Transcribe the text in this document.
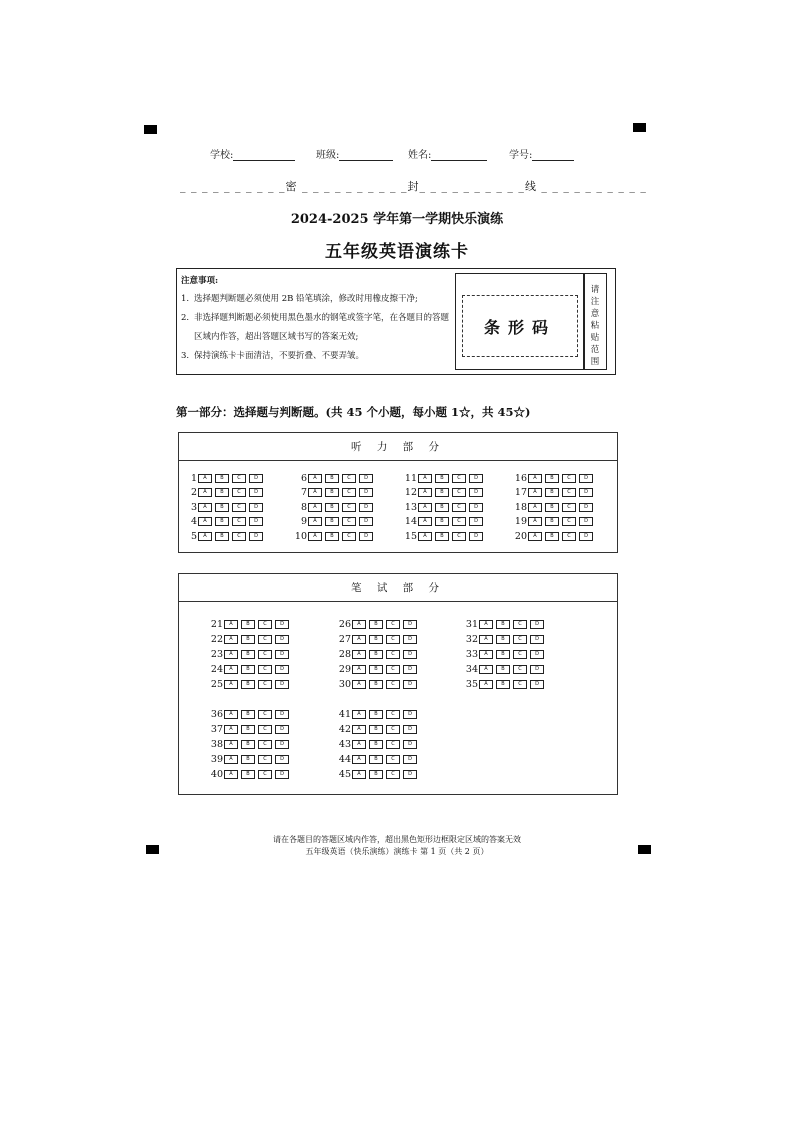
学校:	班级:	姓名:	学号:
_ _ _ _ _ _ _ _ _ _密 _ _ _ _ _ _ _ _ _ _封_ _ _ _ _ _ _ _ _ _线 _ _ _ _ _ _ _ _ _ _
2024-2025 学年第一学期快乐演练
五年级英语演练卡
注意事项:
1. 选择题判断题必须使用 2B 铅笔填涂，修改时用橡皮擦干净;
2. 非选择题判断题必须使用黑色墨水的钢笔或签字笔，在各题目的答题区域内作答，超出答题区域书写的答案无效;
3. 保持演练卡卡面清洁，不要折叠、不要弄皱。
条形码
请
注
意
粘
贴
范
围
第一部分：选择题与判断题。(共 45 个小题，每小题 1☆，共 45☆)
听 力 部 分
1	A	B	C	D
2	A	B	C	D
3	A	B	C	D
4	A	B	C	D
5	A	B	C	D
6	A	B	C	D
7	A	B	C	D
8	A	B	C	D
9	A	B	C	D
10	A	B	C	D
11	A	B	C	D
12	A	B	C	D
13	A	B	C	D
14	A	B	C	D
15	A	B	C	D
16	A	B	C	D
17	A	B	C	D
18	A	B	C	D
19	A	B	C	D
20	A	B	C	D
笔 试 部 分
21	A	B	C	D
22	A	B	C	D
23	A	B	C	D
24	A	B	C	D
25	A	B	C	D
26	A	B	C	D
27	A	B	C	D
28	A	B	C	D
29	A	B	C	D
30	A	B	C	D
31	A	B	C	D
32	A	B	C	D
33	A	B	C	D
34	A	B	C	D
35	A	B	C	D
36	A	B	C	D
37	A	B	C	D
38	A	B	C	D
39	A	B	C	D
40	A	B	C	D
41	A	B	C	D
42	A	B	C	D
43	A	B	C	D
44	A	B	C	D
45	A	B	C	D
请在各题目的答题区域内作答，超出黑色矩形边框限定区域的答案无效
五年级英语（快乐演练）演练卡 第 1 页（共 2 页）
